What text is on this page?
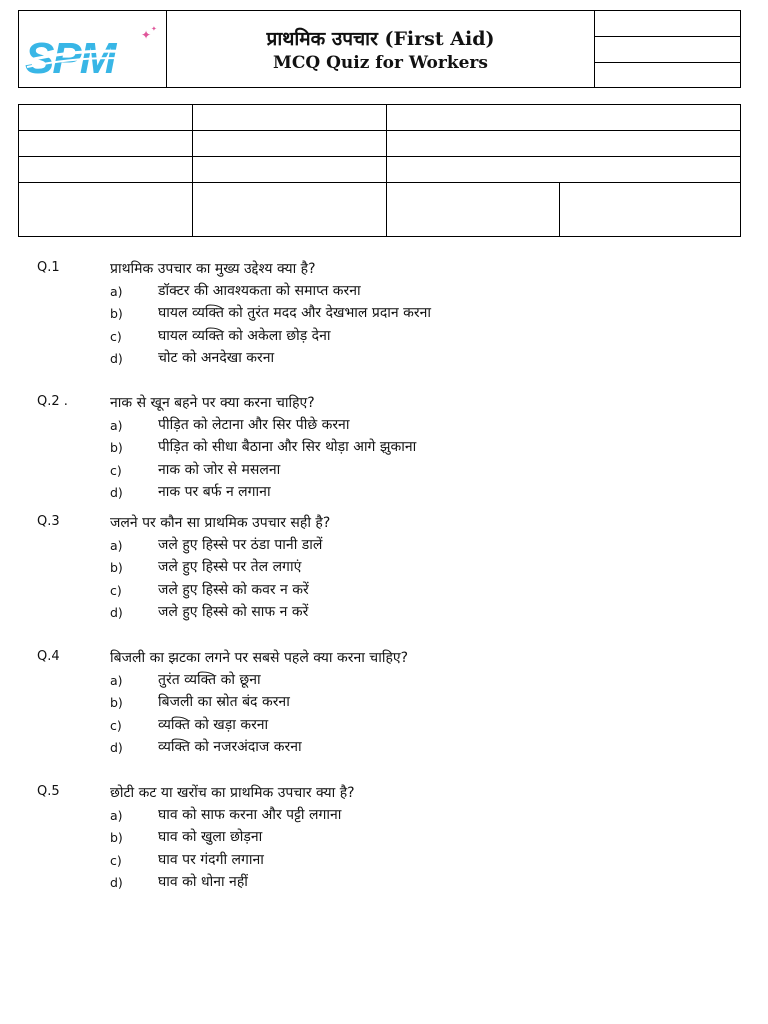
SPM ✦ ✦	प्राथमिक उपचार (First Aid)
MCQ Quiz for Workers
Q.1	प्राथमिक उपचार का मुख्य उद्देश्य क्या है?
a)	डॉक्टर की आवश्यकता को समाप्त करना
b)	घायल व्यक्ति को तुरंत मदद और देखभाल प्रदान करना
c)	घायल व्यक्ति को अकेला छोड़ देना
d)	चोट को अनदेखा करना
Q.2 .	नाक से खून बहने पर क्या करना चाहिए?
a)	पीड़ित को लेटाना और सिर पीछे करना
b)	पीड़ित को सीधा बैठाना और सिर थोड़ा आगे झुकाना
c)	नाक को जोर से मसलना
d)	नाक पर बर्फ न लगाना
Q.3	जलने पर कौन सा प्राथमिक उपचार सही है?
a)	जले हुए हिस्से पर ठंडा पानी डालें
b)	जले हुए हिस्से पर तेल लगाएं
c)	जले हुए हिस्से को कवर न करें
d)	जले हुए हिस्से को साफ न करें
Q.4	बिजली का झटका लगने पर सबसे पहले क्या करना चाहिए?
a)	तुरंत व्यक्ति को छूना
b)	बिजली का स्रोत बंद करना
c)	व्यक्ति को खड़ा करना
d)	व्यक्ति को नजरअंदाज करना
Q.5	छोटी कट या खरोंच का प्राथमिक उपचार क्या है?
a)	घाव को साफ करना और पट्टी लगाना
b)	घाव को खुला छोड़ना
c)	घाव पर गंदगी लगाना
d)	घाव को धोना नहीं
